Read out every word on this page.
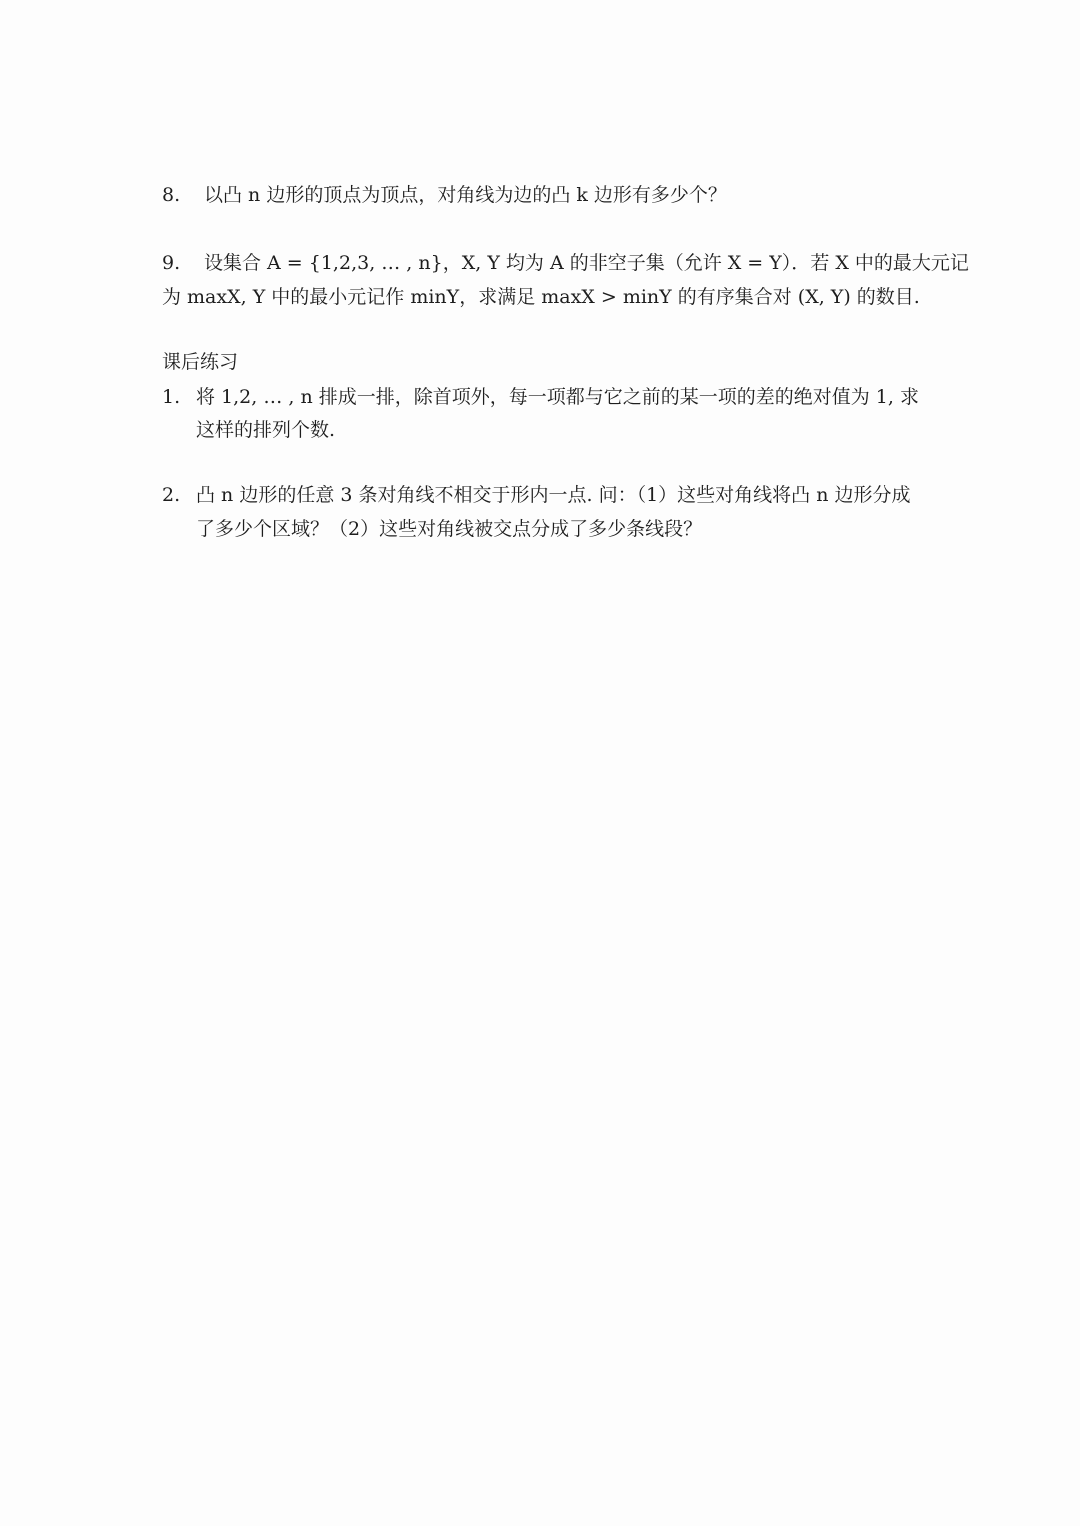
8. 以凸 n 边形的顶点为顶点，对角线为边的凸 k 边形有多少个？
9. 设集合 A = {1,2,3, … , n}，X, Y 均为 A 的非空子集（允许 X = Y）．若 X 中的最大元记
为 maxX, Y 中的最小元记作 minY，求满足 maxX > minY 的有序集合对 (X, Y) 的数目.
课后练习
1. 将 1,2, … , n 排成一排，除首项外，每一项都与它之前的某一项的差的绝对值为 1, 求
这样的排列个数.
2. 凸 n 边形的任意 3 条对角线不相交于形内一点. 问：（1）这些对角线将凸 n 边形分成
了多少个区域？（2）这些对角线被交点分成了多少条线段？
